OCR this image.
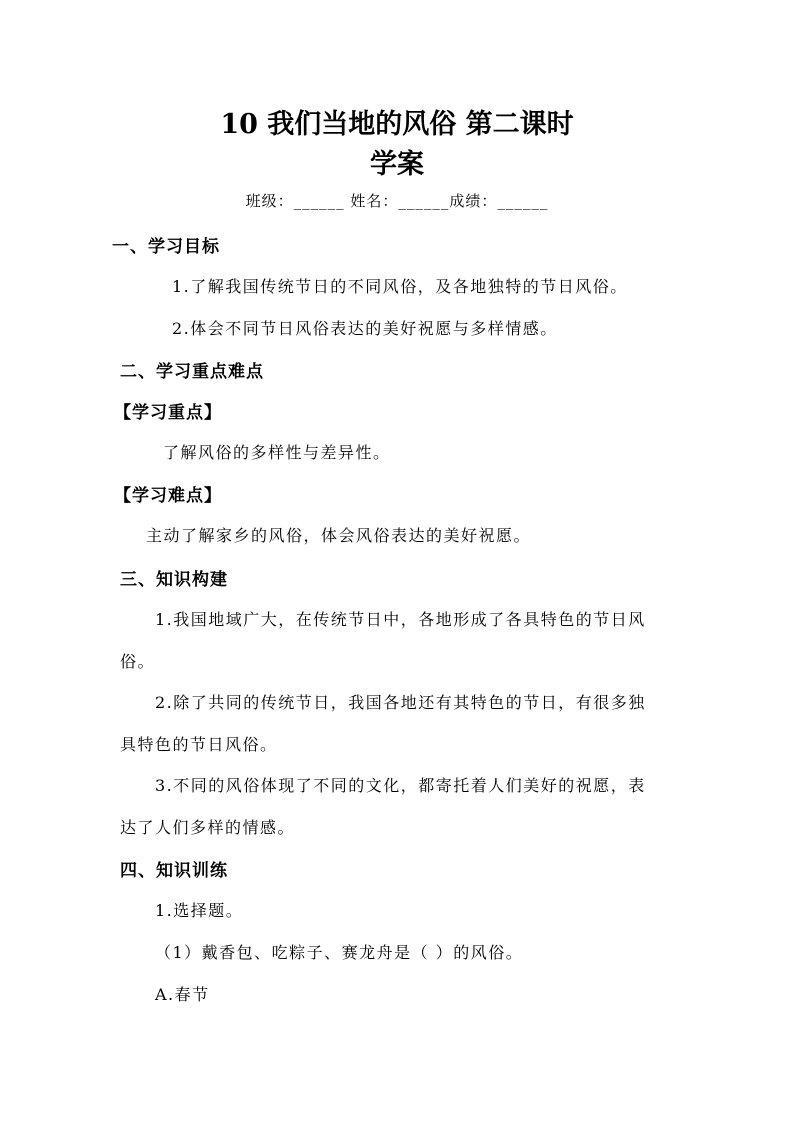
10 我们当地的风俗 第二课时
学案
班级：______ 姓名：______成绩：______
一、学习目标
1.了解我国传统节日的不同风俗，及各地独特的节日风俗。
2.体会不同节日风俗表达的美好祝愿与多样情感。
二、学习重点难点
【学习重点】
了解风俗的多样性与差异性。
【学习难点】
主动了解家乡的风俗，体会风俗表达的美好祝愿。
三、知识构建
1.我国地域广大，在传统节日中，各地形成了各具特色的节日风
俗。
2.除了共同的传统节日，我国各地还有其特色的节日，有很多独
具特色的节日风俗。
3.不同的风俗体现了不同的文化，都寄托着人们美好的祝愿，表
达了人们多样的情感。
四、知识训练
1.选择题。
（1）戴香包、吃粽子、赛龙舟是（ ）的风俗。
A.春节
